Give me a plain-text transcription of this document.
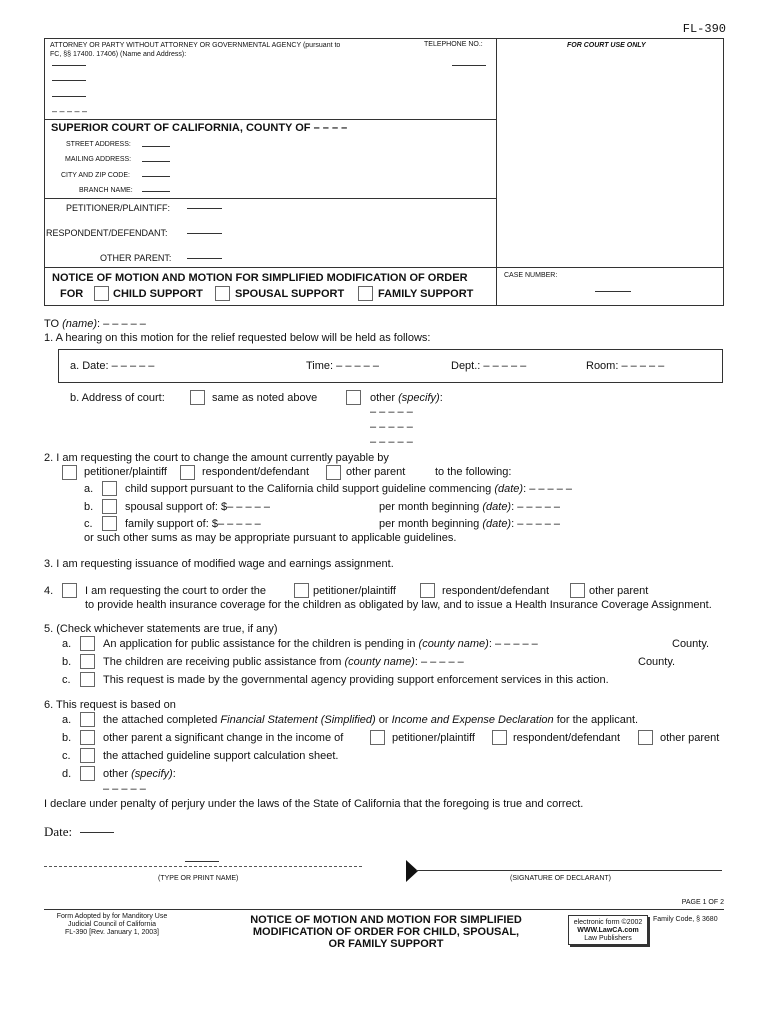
FL-390
ATTORNEY OR PARTY WITHOUT ATTORNEY OR GOVERNMENTAL AGENCY (pursuant to
FC, §§ 17400. 17406) (Name and Address):
TELEPHONE NO.:
– – – – –
FOR COURT USE ONLY
SUPERIOR COURT OF CALIFORNIA, COUNTY OF – – – –
STREET ADDRESS:
MAILING ADDRESS:
CITY AND ZIP CODE:
BRANCH NAME:
PETITIONER/PLAINTIFF:
RESPONDENT/DEFENDANT:
OTHER PARENT:
NOTICE OF MOTION AND MOTION FOR SIMPLIFIED MODIFICATION OF ORDER
FOR	CHILD SUPPORT	SPOUSAL SUPPORT	FAMILY SUPPORT
CASE NUMBER:
TO (name): – – – – –
1. A hearing on this motion for the relief requested below will be held as follows:
a. Date: – – – – –	Time: – – – – –	Dept.: – – – – –	Room: – – – – –
b. Address of court:	same as noted above	other (specify):
– – – – –
– – – – –
– – – – –
2. I am requesting the court to change the amount currently payable by
petitioner/plaintiff	respondent/defendant	other parent	to the following:
a.	child support pursuant to the California child support guideline commencing (date): – – – – –
b.	spousal support of: $– – – – –	per month beginning (date): – – – – –
c.	family support of: $– – – – –	per month beginning (date): – – – – –
or such other sums as may be appropriate pursuant to applicable guidelines.
3. I am requesting issuance of modified wage and earnings assignment.
4.	I am requesting the court to order the	petitioner/plaintiff	respondent/defendant	other parent
to provide health insurance coverage for the children as obligated by law, and to issue a Health Insurance Coverage Assignment.
5. (Check whichever statements are true, if any)
a.	An application for public assistance for the children is pending in (county name): – – – – –	County.
b.	The children are receiving public assistance from (county name): – – – – –	County.
c.	This request is made by the governmental agency providing support enforcement services in this action.
6. This request is based on
a.	the attached completed Financial Statement (Simplified) or Income and Expense Declaration for the applicant.
b.	other parent a significant change in the income of	petitioner/plaintiff	respondent/defendant	other parent
c.	the attached guideline support calculation sheet.
d.	other (specify):
– – – – –
I declare under penalty of perjury under the laws of the State of California that the foregoing is true and correct.
Date:
(TYPE OR PRINT NAME)	(SIGNATURE OF DECLARANT)
PAGE 1 OF 2
Form Adopted by for Manditory Use
Judicial Council of California
FL-390 [Rev. January 1, 2003]
NOTICE OF MOTION AND MOTION FOR SIMPLIFIED
MODIFICATION OF ORDER FOR CHILD, SPOUSAL,
OR FAMILY SUPPORT
electronic form ©2002
WWW.LawCA.com
Law Publishers
Family Code, § 3680
